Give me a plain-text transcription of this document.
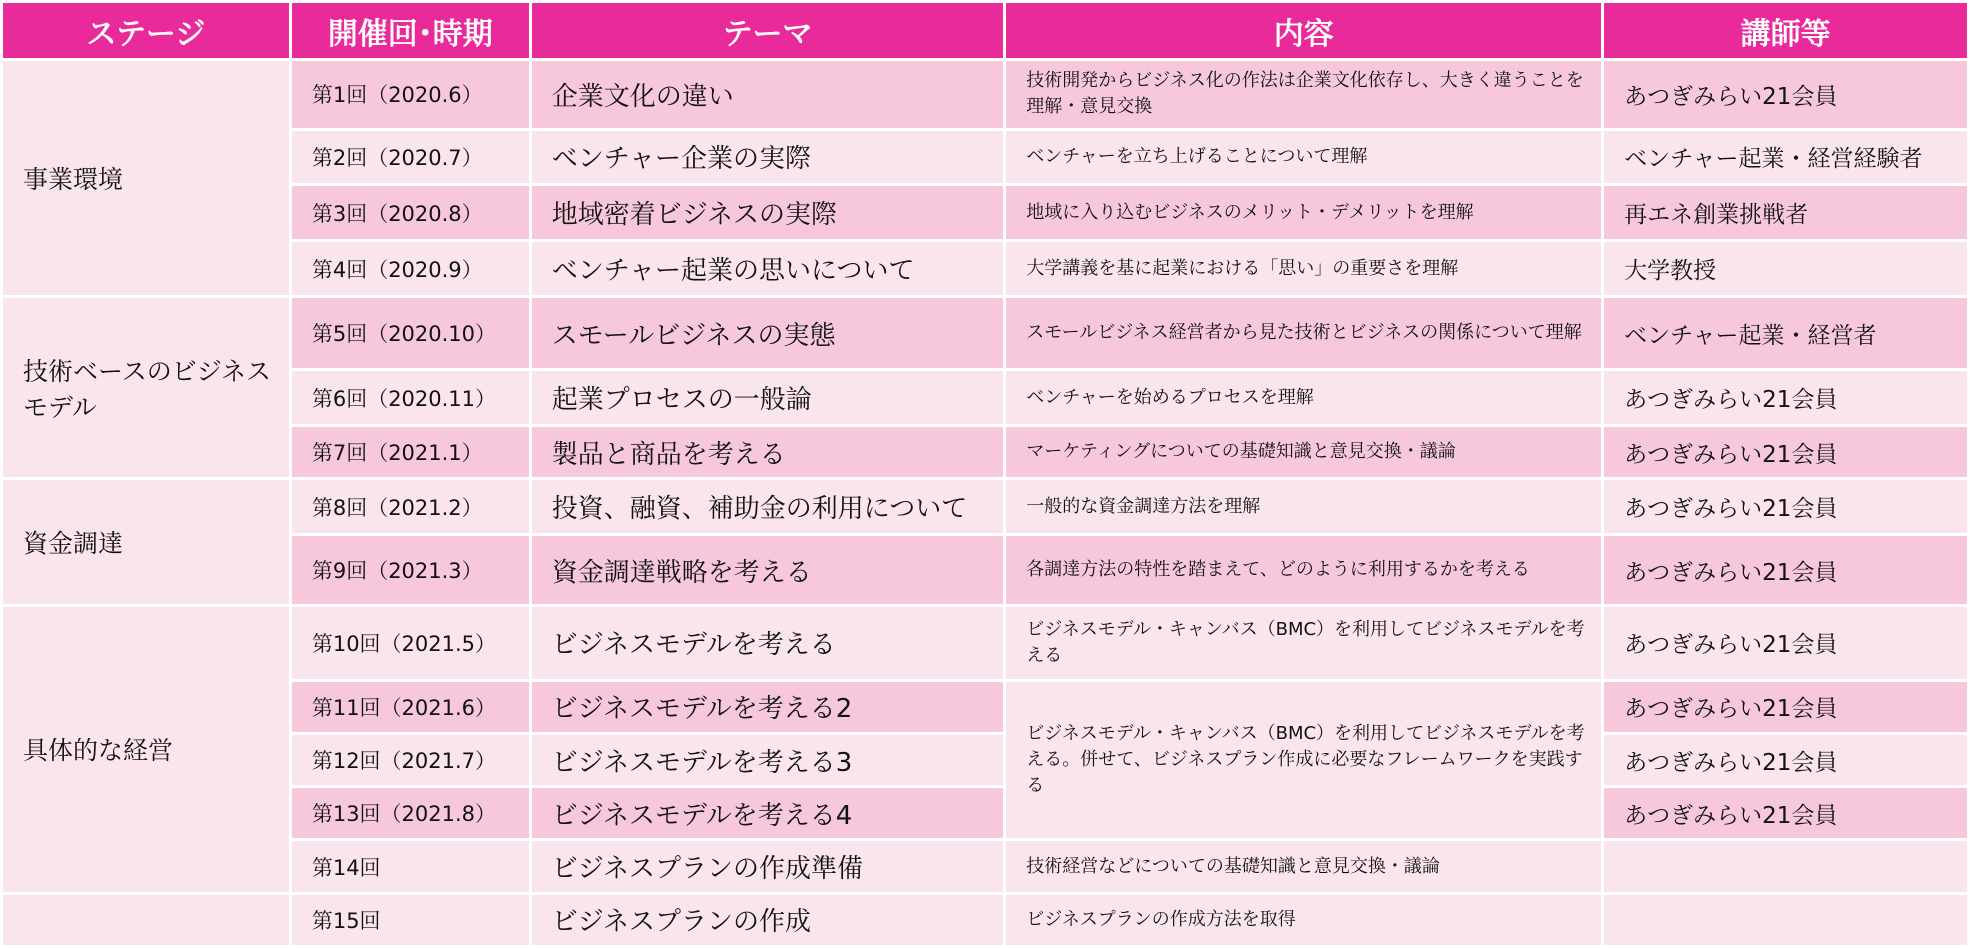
ステージ	開催回･時期	テーマ	内容	講師等
事業環境	第1回（2020.6）	企業文化の違い	技術開発からビジネス化の作法は企業文化依存し、大きく違うことを理解・意見交換	あつぎみらい21会員
	第2回（2020.7）	ベンチャー企業の実際	ベンチャーを立ち上げることについて理解	ベンチャー起業・経営経験者
	第3回（2020.8）	地域密着ビジネスの実際	地域に入り込むビジネスのメリット・デメリットを理解	再エネ創業挑戦者
	第4回（2020.9）	ベンチャー起業の思いについて	大学講義を基に起業における「思い」の重要さを理解	大学教授
技術ベースのビジネスモデル	第5回（2020.10）	スモールビジネスの実態	スモールビジネス経営者から見た技術とビジネスの関係について理解	ベンチャー起業・経営者
	第6回（2020.11）	起業プロセスの一般論	ベンチャーを始めるプロセスを理解	あつぎみらい21会員
	第7回（2021.1）	製品と商品を考える	マーケティングについての基礎知識と意見交換・議論	あつぎみらい21会員
資金調達	第8回（2021.2）	投資、融資、補助金の利用について	一般的な資金調達方法を理解	あつぎみらい21会員
	第9回（2021.3）	資金調達戦略を考える	各調達方法の特性を踏まえて、どのように利用するかを考える	あつぎみらい21会員
具体的な経営	第10回（2021.5）	ビジネスモデルを考える	ビジネスモデル・キャンバス（BMC）を利用してビジネスモデルを考える	あつぎみらい21会員
	第11回（2021.6）	ビジネスモデルを考える2	ビジネスモデル・キャンバス（BMC）を利用してビジネスモデルを考える。併せて、ビジネスプラン作成に必要なフレームワークを実践する	あつぎみらい21会員
	第12回（2021.7）	ビジネスモデルを考える3		あつぎみらい21会員
	第13回（2021.8）	ビジネスモデルを考える4		あつぎみらい21会員
	第14回	ビジネスプランの作成準備	技術経営などについての基礎知識と意見交換・議論	
	第15回	ビジネスプランの作成	ビジネスプランの作成方法を取得	
